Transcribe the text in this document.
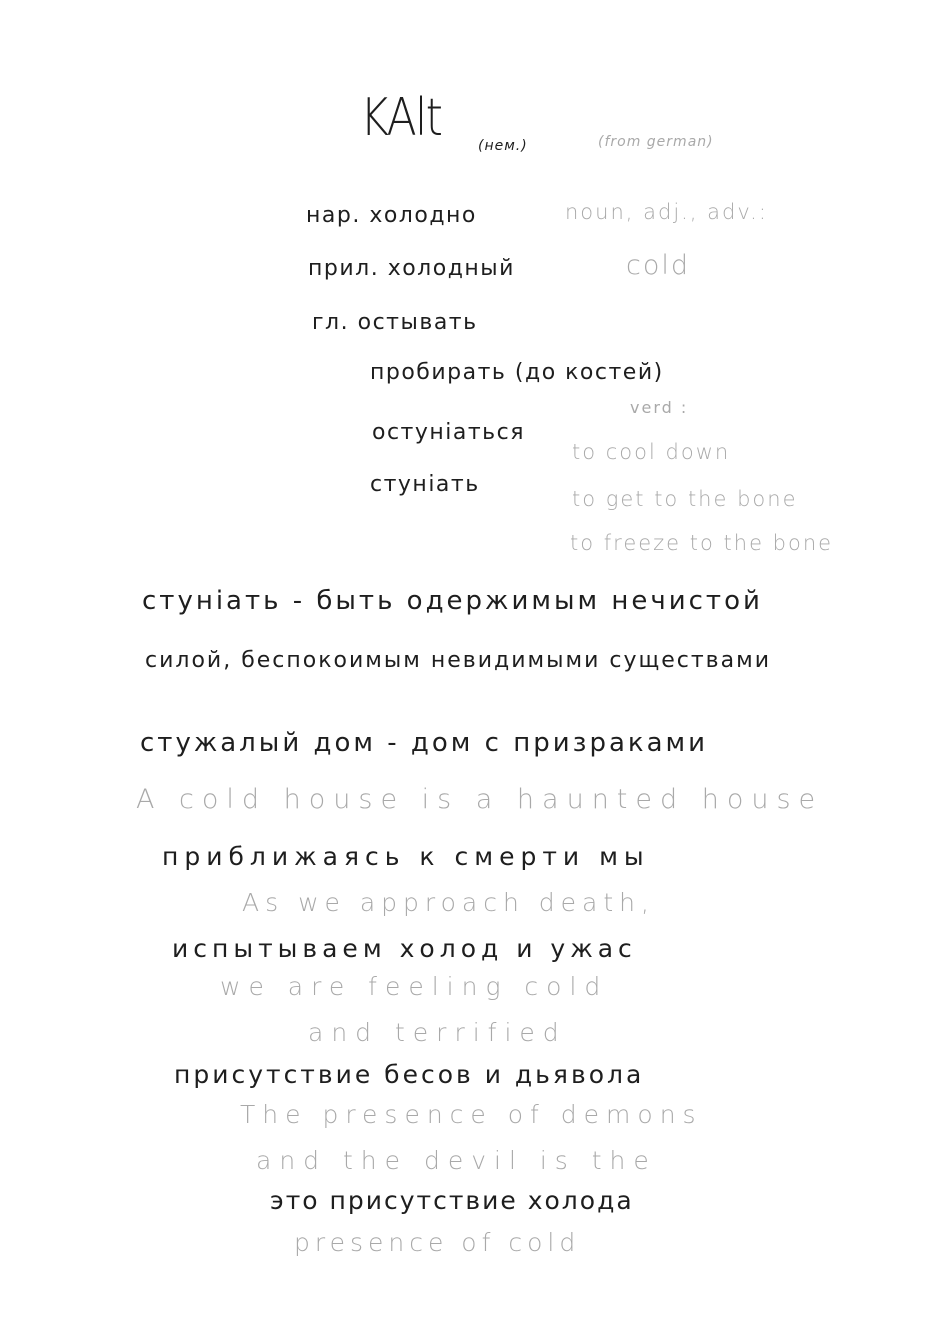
KAlt	(нем.)	(from german)
нар. холодно
прил. холодный
гл. остывать
пробирать (до костей)
остуніаться
стуніать
noun, adj., adv.:
cold
verd :
to cool down
to get to the bone
to freeze to the bone
стуніать - быть одержимым нечистой
силой, беспокоимым невидимыми существами
стужалый дом - дом с призраками
A cold house is a haunted house
приближаясь к смерти мы
As we approach death,
испытываем холод и ужас
we are feeling cold
and terrified
присутствие бесов и дьявола
The presence of demons
and the devil is the
это присутствие холода
presence of cold
